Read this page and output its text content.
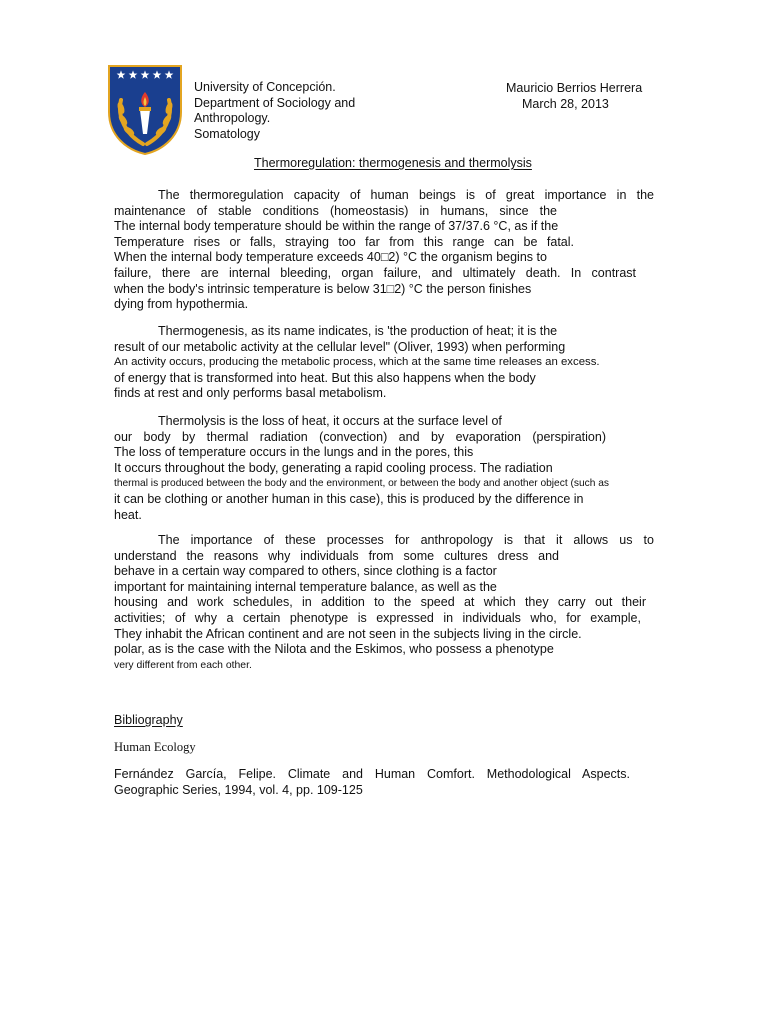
University of Concepción.
Department of Sociology and
Anthropology.
Somatology
Mauricio Berrios Herrera
March 28, 2013
Thermoregulation: thermogenesis and thermolysis
The thermoregulation capacity of human beings is of great importance in the
maintenance of stable conditions (homeostasis) in humans, since the
The internal body temperature should be within the range of 37/37.6 °C, as if the
Temperature rises or falls, straying too far from this range can be fatal.
When the internal body temperature exceeds 40□2) °C the organism begins to
failure, there are internal bleeding, organ failure, and ultimately death. In contrast
when the body's intrinsic temperature is below 31□2) °C the person finishes
dying from hypothermia.
Thermogenesis, as its name indicates, is 'the production of heat; it is the
result of our metabolic activity at the cellular level" (Oliver, 1993) when performing
An activity occurs, producing the metabolic process, which at the same time releases an excess.
of energy that is transformed into heat. But this also happens when the body
finds at rest and only performs basal metabolism.
Thermolysis is the loss of heat, it occurs at the surface level of
our body by thermal radiation (convection) and by evaporation (perspiration)
The loss of temperature occurs in the lungs and in the pores, this
It occurs throughout the body, generating a rapid cooling process. The radiation
thermal is produced between the body and the environment, or between the body and another object (such as
it can be clothing or another human in this case), this is produced by the difference in
heat.
The importance of these processes for anthropology is that it allows us to
understand the reasons why individuals from some cultures dress and
behave in a certain way compared to others, since clothing is a factor
important for maintaining internal temperature balance, as well as the
housing and work schedules, in addition to the speed at which they carry out their
activities; of why a certain phenotype is expressed in individuals who, for example,
They inhabit the African continent and are not seen in the subjects living in the circle.
polar, as is the case with the Nilota and the Eskimos, who possess a phenotype
very different from each other.
Bibliography
Human Ecology
Fernández García, Felipe. Climate and Human Comfort. Methodological Aspects.
Geographic Series, 1994, vol. 4, pp. 109-125
